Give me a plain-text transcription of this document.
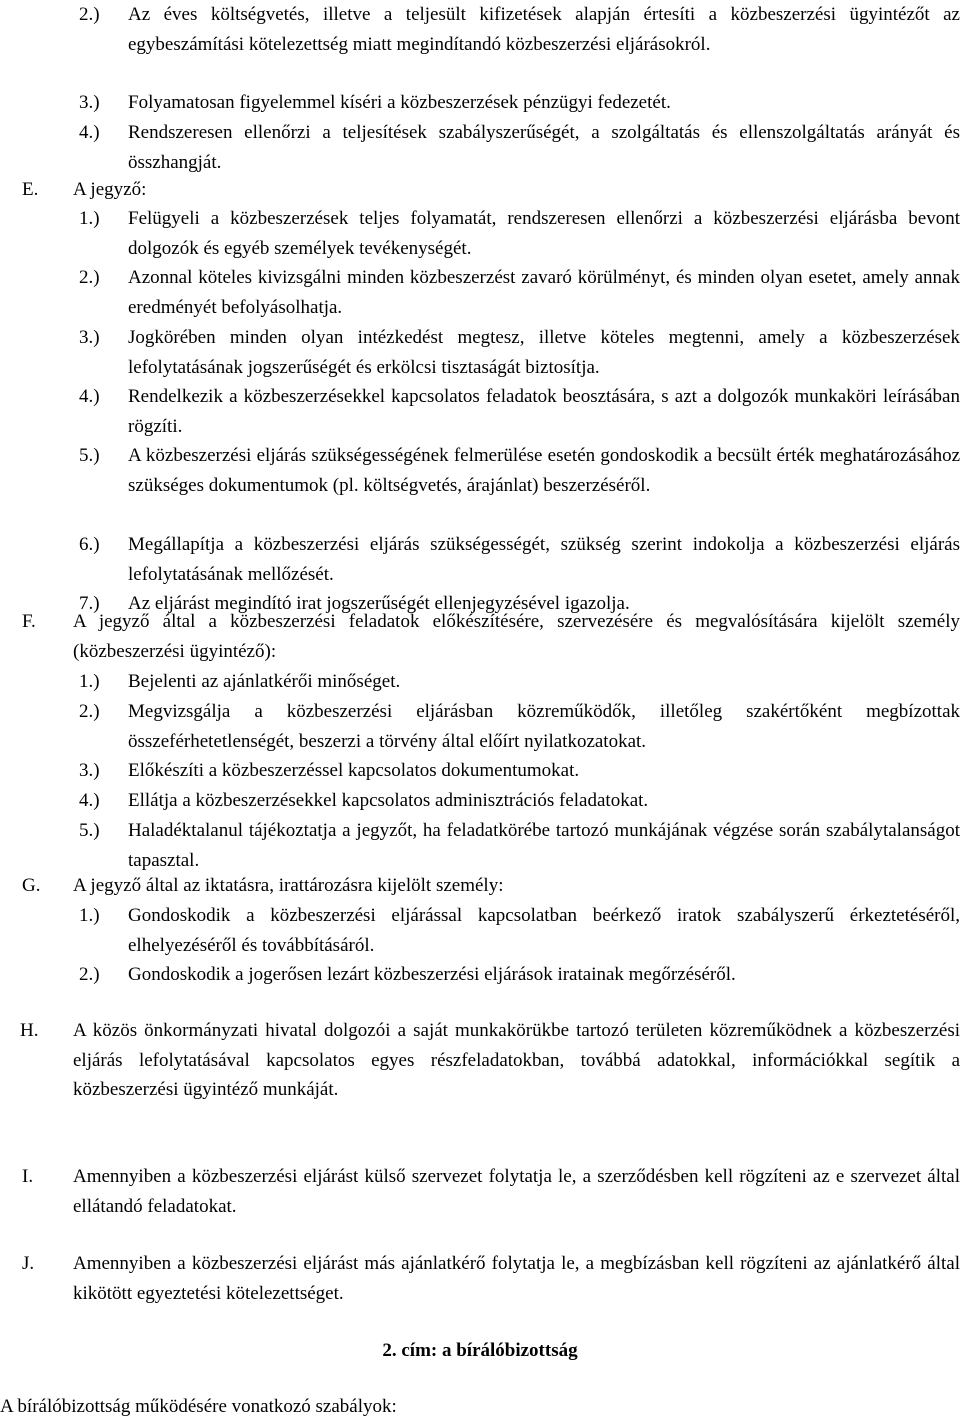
2.) Az éves költségvetés, illetve a teljesült kifizetések alapján értesíti a közbeszerzési ügyintézőt az egybeszámítási kötelezettség miatt megindítandó közbeszerzési eljárásokról.
3.) Folyamatosan figyelemmel kíséri a közbeszerzések pénzügyi fedezetét.
4.) Rendszeresen ellenőrzi a teljesítések szabályszerűségét, a szolgáltatás és ellenszolgáltatás arányát és összhangját.
E. A jegyző:
1.) Felügyeli a közbeszerzések teljes folyamatát, rendszeresen ellenőrzi a közbeszerzési eljárásba bevont dolgozók és egyéb személyek tevékenységét.
2.) Azonnal köteles kivizsgálni minden közbeszerzést zavaró körülményt, és minden olyan esetet, amely annak eredményét befolyásolhatja.
3.) Jogkörében minden olyan intézkedést megtesz, illetve köteles megtenni, amely a közbeszerzések lefolytatásának jogszerűségét és erkölcsi tisztaságát biztosítja.
4.) Rendelkezik a közbeszerzésekkel kapcsolatos feladatok beosztására, s azt a dolgozók munkaköri leírásában rögzíti.
5.) A közbeszerzési eljárás szükségességének felmerülése esetén gondoskodik a becsült érték meghatározásához szükséges dokumentumok (pl. költségvetés, árajánlat) beszerzéséről.
6.) Megállapítja a közbeszerzési eljárás szükségességét, szükség szerint indokolja a közbeszerzési eljárás lefolytatásának mellőzését.
7.) Az eljárást megindító irat jogszerűségét ellenjegyzésével igazolja.
F. A jegyző által a közbeszerzési feladatok előkészítésére, szervezésére és megvalósítására kijelölt személy (közbeszerzési ügyintéző):
1.) Bejelenti az ajánlatkérői minőséget.
2.) Megvizsgálja a közbeszerzési eljárásban közreműködők, illetőleg szakértőként megbízottak összeférhetetlenségét, beszerzi a törvény által előírt nyilatkozatokat.
3.) Előkészíti a közbeszerzéssel kapcsolatos dokumentumokat.
4.) Ellátja a közbeszerzésekkel kapcsolatos adminisztrációs feladatokat.
5.) Haladéktalanul tájékoztatja a jegyzőt, ha feladatkörébe tartozó munkájának végzése során szabálytalanságot tapasztal.
G. A jegyző által az iktatásra, irattározásra kijelölt személy:
1.) Gondoskodik a közbeszerzési eljárással kapcsolatban beérkező iratok szabályszerű érkeztetéséről, elhelyezéséről és továbbításáról.
2.) Gondoskodik a jogerősen lezárt közbeszerzési eljárások iratainak megőrzéséről.
H. A közös önkormányzati hivatal dolgozói a saját munkakörükbe tartozó területen közreműködnek a közbeszerzési eljárás lefolytatásával kapcsolatos egyes részfeladatokban, továbbá adatokkal, információkkal segítik a közbeszerzési ügyintéző munkáját.
I. Amennyiben a közbeszerzési eljárást külső szervezet folytatja le, a szerződésben kell rögzíteni az e szervezet által ellátandó feladatokat.
J. Amennyiben a közbeszerzési eljárást más ajánlatkérő folytatja le, a megbízásban kell rögzíteni az ajánlatkérő által kikötött egyeztetési kötelezettséget.
2. cím: a bírálóbizottság
A bírálóbizottság működésére vonatkozó szabályok:
